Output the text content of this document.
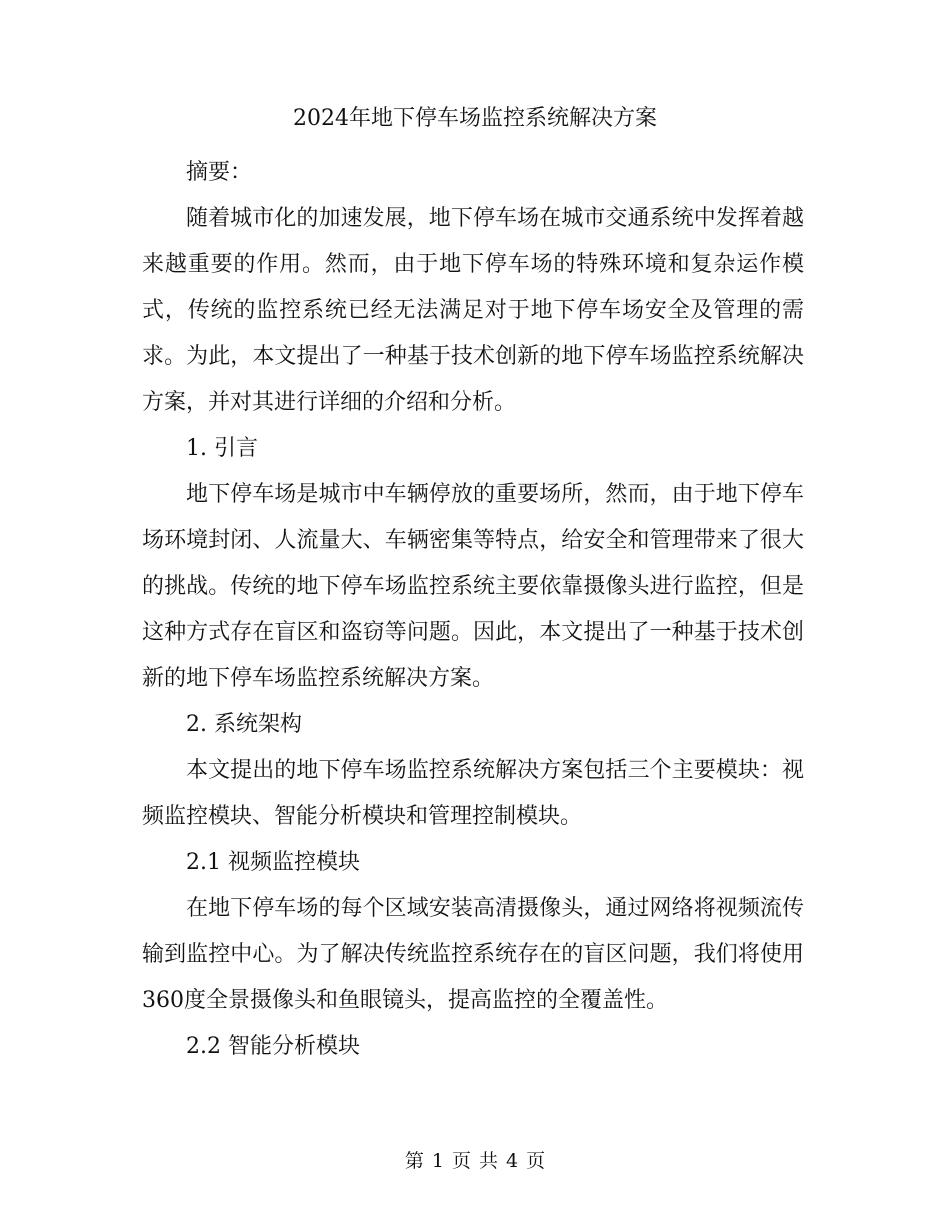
2024年地下停车场监控系统解决方案

摘要：

随着城市化的加速发展，地下停车场在城市交通系统中发挥着越来越重要的作用。然而，由于地下停车场的特殊环境和复杂运作模式，传统的监控系统已经无法满足对于地下停车场安全及管理的需求。为此，本文提出了一种基于技术创新的地下停车场监控系统解决方案，并对其进行详细的介绍和分析。

1. 引言

地下停车场是城市中车辆停放的重要场所，然而，由于地下停车场环境封闭、人流量大、车辆密集等特点，给安全和管理带来了很大的挑战。传统的地下停车场监控系统主要依靠摄像头进行监控，但是这种方式存在盲区和盗窃等问题。因此，本文提出了一种基于技术创新的地下停车场监控系统解决方案。

2. 系统架构

本文提出的地下停车场监控系统解决方案包括三个主要模块：视频监控模块、智能分析模块和管理控制模块。

2.1 视频监控模块

在地下停车场的每个区域安装高清摄像头，通过网络将视频流传输到监控中心。为了解决传统监控系统存在的盲区问题，我们将使用360度全景摄像头和鱼眼镜头，提高监控的全覆盖性。

2.2 智能分析模块

第 1 页 共 4 页
